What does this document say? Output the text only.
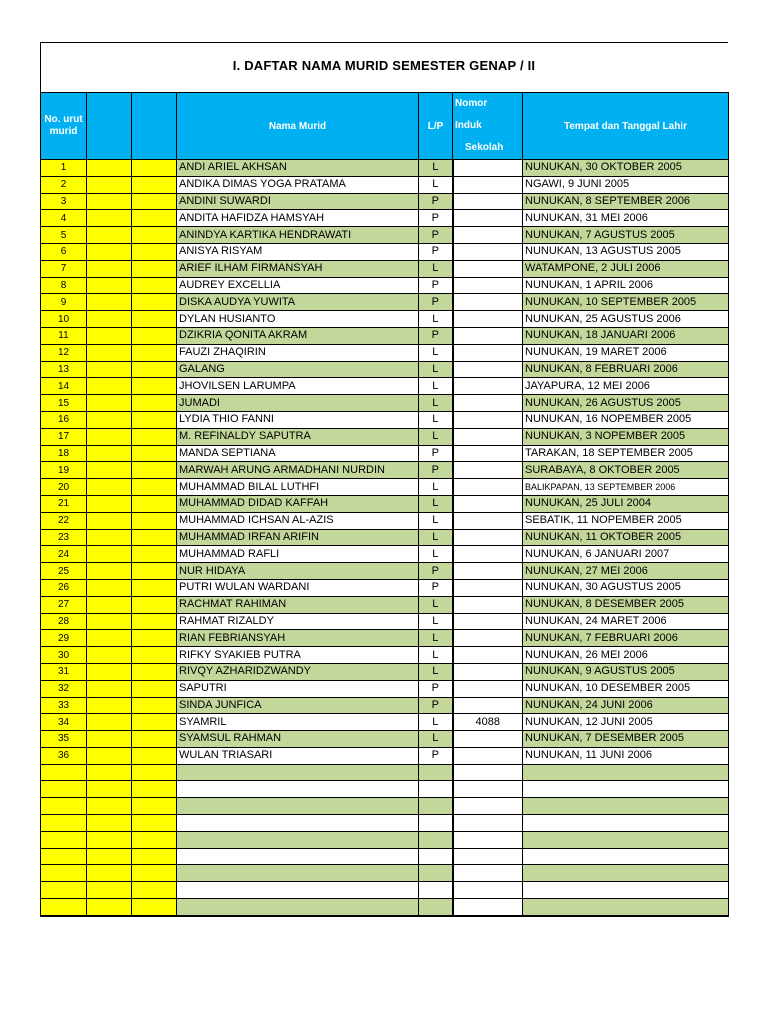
I. DAFTAR NAMA MURID SEMESTER GENAP / II
No. urut murid			Nama Murid	L/P	Nomor
Induk
Sekolah	Tempat dan Tanggal Lahir
1			ANDI ARIEL AKHSAN	L		NUNUKAN, 30 OKTOBER 2005
2			ANDIKA DIMAS YOGA PRATAMA	L		NGAWI, 9 JUNI 2005
3			ANDINI SUWARDI	P		NUNUKAN, 8 SEPTEMBER 2006
4			ANDITA HAFIDZA HAMSYAH	P		NUNUKAN, 31 MEI 2006
5			ANINDYA KARTIKA HENDRAWATI	P		NUNUKAN, 7 AGUSTUS 2005
6			ANISYA RISYAM	P		NUNUKAN, 13 AGUSTUS 2005
7			ARIEF ILHAM FIRMANSYAH	L		WATAMPONE, 2 JULI 2006
8			AUDREY EXCELLIA	P		NUNUKAN, 1 APRIL 2006
9			DISKA AUDYA YUWITA	P		NUNUKAN, 10 SEPTEMBER 2005
10			DYLAN HUSIANTO	L		NUNUKAN, 25 AGUSTUS 2006
11			DZIKRIA QONITA AKRAM	P		NUNUKAN, 18 JANUARI 2006
12			FAUZI ZHAQIRIN	L		NUNUKAN, 19 MARET 2006
13			GALANG	L		NUNUKAN, 8 FEBRUARI 2006
14			JHOVILSEN LARUMPA	L		JAYAPURA, 12 MEI 2006
15			JUMADI	L		NUNUKAN, 26 AGUSTUS 2005
16			LYDIA THIO FANNI	L		NUNUKAN, 16 NOPEMBER 2005
17			M. REFINALDY SAPUTRA	L		NUNUKAN, 3 NOPEMBER 2005
18			MANDA SEPTIANA	P		TARAKAN, 18 SEPTEMBER 2005
19			MARWAH ARUNG ARMADHANI NURDIN	P		SURABAYA, 8 OKTOBER 2005
20			MUHAMMAD BILAL LUTHFI	L		BALIKPAPAN, 13 SEPTEMBER 2006
21			MUHAMMAD DIDAD KAFFAH	L		NUNUKAN, 25 JULI 2004
22			MUHAMMAD ICHSAN AL-AZIS	L		SEBATIK, 11 NOPEMBER 2005
23			MUHAMMAD IRFAN ARIFIN	L		NUNUKAN, 11 OKTOBER 2005
24			MUHAMMAD RAFLI	L		NUNUKAN, 6 JANUARI 2007
25			NUR HIDAYA	P		NUNUKAN, 27 MEI 2006
26			PUTRI WULAN WARDANI	P		NUNUKAN, 30 AGUSTUS 2005
27			RACHMAT RAHIMAN	L		NUNUKAN, 8 DESEMBER 2005
28			RAHMAT RIZALDY	L		NUNUKAN, 24 MARET 2006
29			RIAN FEBRIANSYAH	L		NUNUKAN, 7 FEBRUARI 2006
30			RIFKY SYAKIEB PUTRA	L		NUNUKAN, 26 MEI 2006
31			RIVQY AZHARIDZWANDY	L		NUNUKAN, 9 AGUSTUS 2005
32			SAPUTRI	P		NUNUKAN, 10 DESEMBER 2005
33			SINDA JUNFICA	P		NUNUKAN, 24 JUNI 2006
34			SYAMRIL	L	4088	NUNUKAN, 12 JUNI 2005
35			SYAMSUL RAHMAN	L		NUNUKAN, 7 DESEMBER 2005
36			WULAN TRIASARI	P		NUNUKAN, 11 JUNI 2006
